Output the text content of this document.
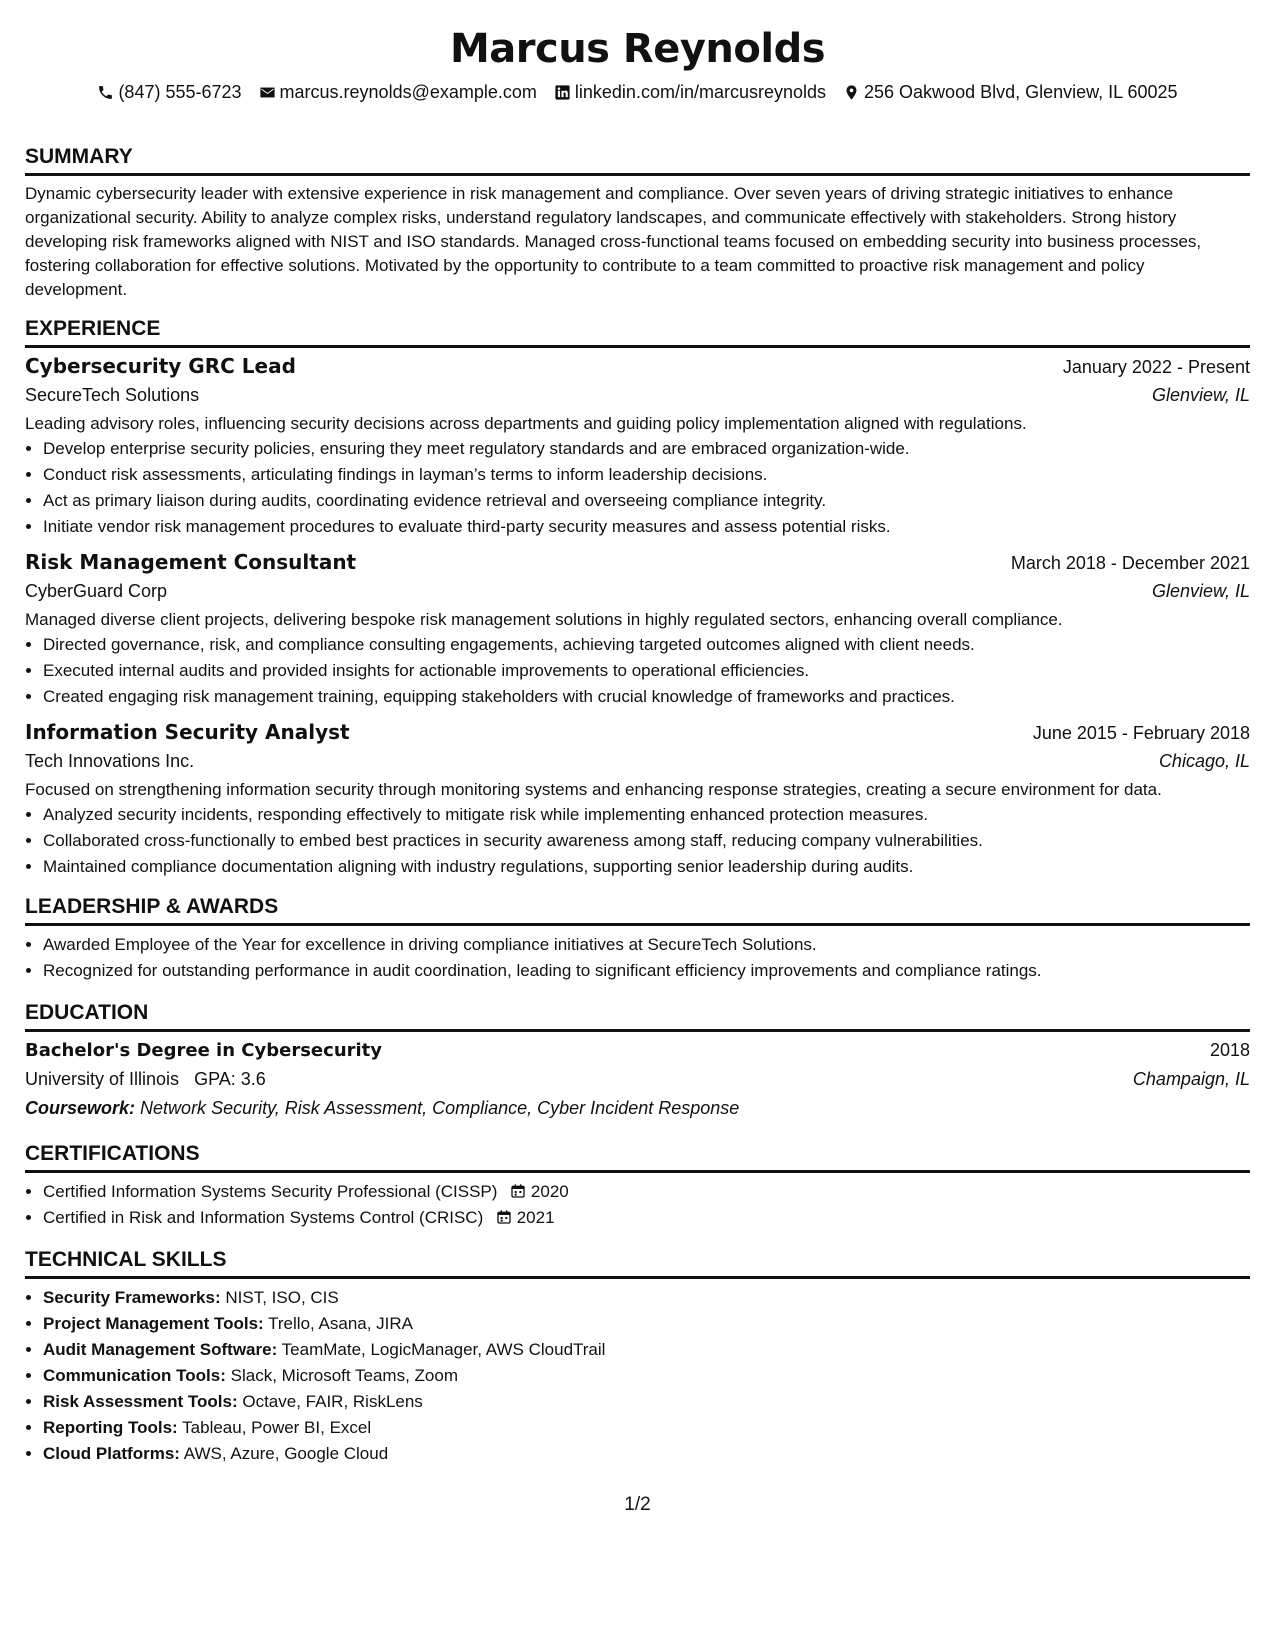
Marcus Reynolds
(847) 555-6723 marcus.reynolds@example.com linkedin.com/in/marcusreynolds 256 Oakwood Blvd, Glenview, IL 60025
SUMMARY

Dynamic cybersecurity leader with extensive experience in risk management and compliance. Over seven years of driving strategic initiatives to enhance organizational security. Ability to analyze complex risks, understand regulatory landscapes, and communicate effectively with stakeholders. Strong history developing risk frameworks aligned with NIST and ISO standards. Managed cross-functional teams focused on embedding security into business processes, fostering collaboration for effective solutions. Motivated by the opportunity to contribute to a team committed to proactive risk management and policy development.

EXPERIENCE
Cybersecurity GRC Lead	January 2022 - Present
SecureTech Solutions	Glenview, IL

Leading advisory roles, influencing security decisions across departments and guiding policy implementation aligned with regulations.

• Develop enterprise security policies, ensuring they meet regulatory standards and are embraced organization-wide.
• Conduct risk assessments, articulating findings in layman’s terms to inform leadership decisions.
• Act as primary liaison during audits, coordinating evidence retrieval and overseeing compliance integrity.
• Initiate vendor risk management procedures to evaluate third-party security measures and assess potential risks.
Risk Management Consultant	March 2018 - December 2021
CyberGuard Corp	Glenview, IL

Managed diverse client projects, delivering bespoke risk management solutions in highly regulated sectors, enhancing overall compliance.

• Directed governance, risk, and compliance consulting engagements, achieving targeted outcomes aligned with client needs.
• Executed internal audits and provided insights for actionable improvements to operational efficiencies.
• Created engaging risk management training, equipping stakeholders with crucial knowledge of frameworks and practices.
Information Security Analyst	June 2015 - February 2018
Tech Innovations Inc.	Chicago, IL

Focused on strengthening information security through monitoring systems and enhancing response strategies, creating a secure environment for data.

• Analyzed security incidents, responding effectively to mitigate risk while implementing enhanced protection measures.
• Collaborated cross-functionally to embed best practices in security awareness among staff, reducing company vulnerabilities.
• Maintained compliance documentation aligning with industry regulations, supporting senior leadership during audits.
LEADERSHIP & AWARDS
• Awarded Employee of the Year for excellence in driving compliance initiatives at SecureTech Solutions.
• Recognized for outstanding performance in audit coordination, leading to significant efficiency improvements and compliance ratings.
EDUCATION
Bachelor's Degree in Cybersecurity	2018
University of Illinois GPA: 3.6	Champaign, IL
Coursework: Network Security, Risk Assessment, Compliance, Cyber Incident Response
CERTIFICATIONS
• Certified Information Systems Security Professional (CISSP) 2020
• Certified in Risk and Information Systems Control (CRISC) 2021
TECHNICAL SKILLS
• Security Frameworks: NIST, ISO, CIS
• Project Management Tools: Trello, Asana, JIRA
• Audit Management Software: TeamMate, LogicManager, AWS CloudTrail
• Communication Tools: Slack, Microsoft Teams, Zoom
• Risk Assessment Tools: Octave, FAIR, RiskLens
• Reporting Tools: Tableau, Power BI, Excel
• Cloud Platforms: AWS, Azure, Google Cloud
1/2
